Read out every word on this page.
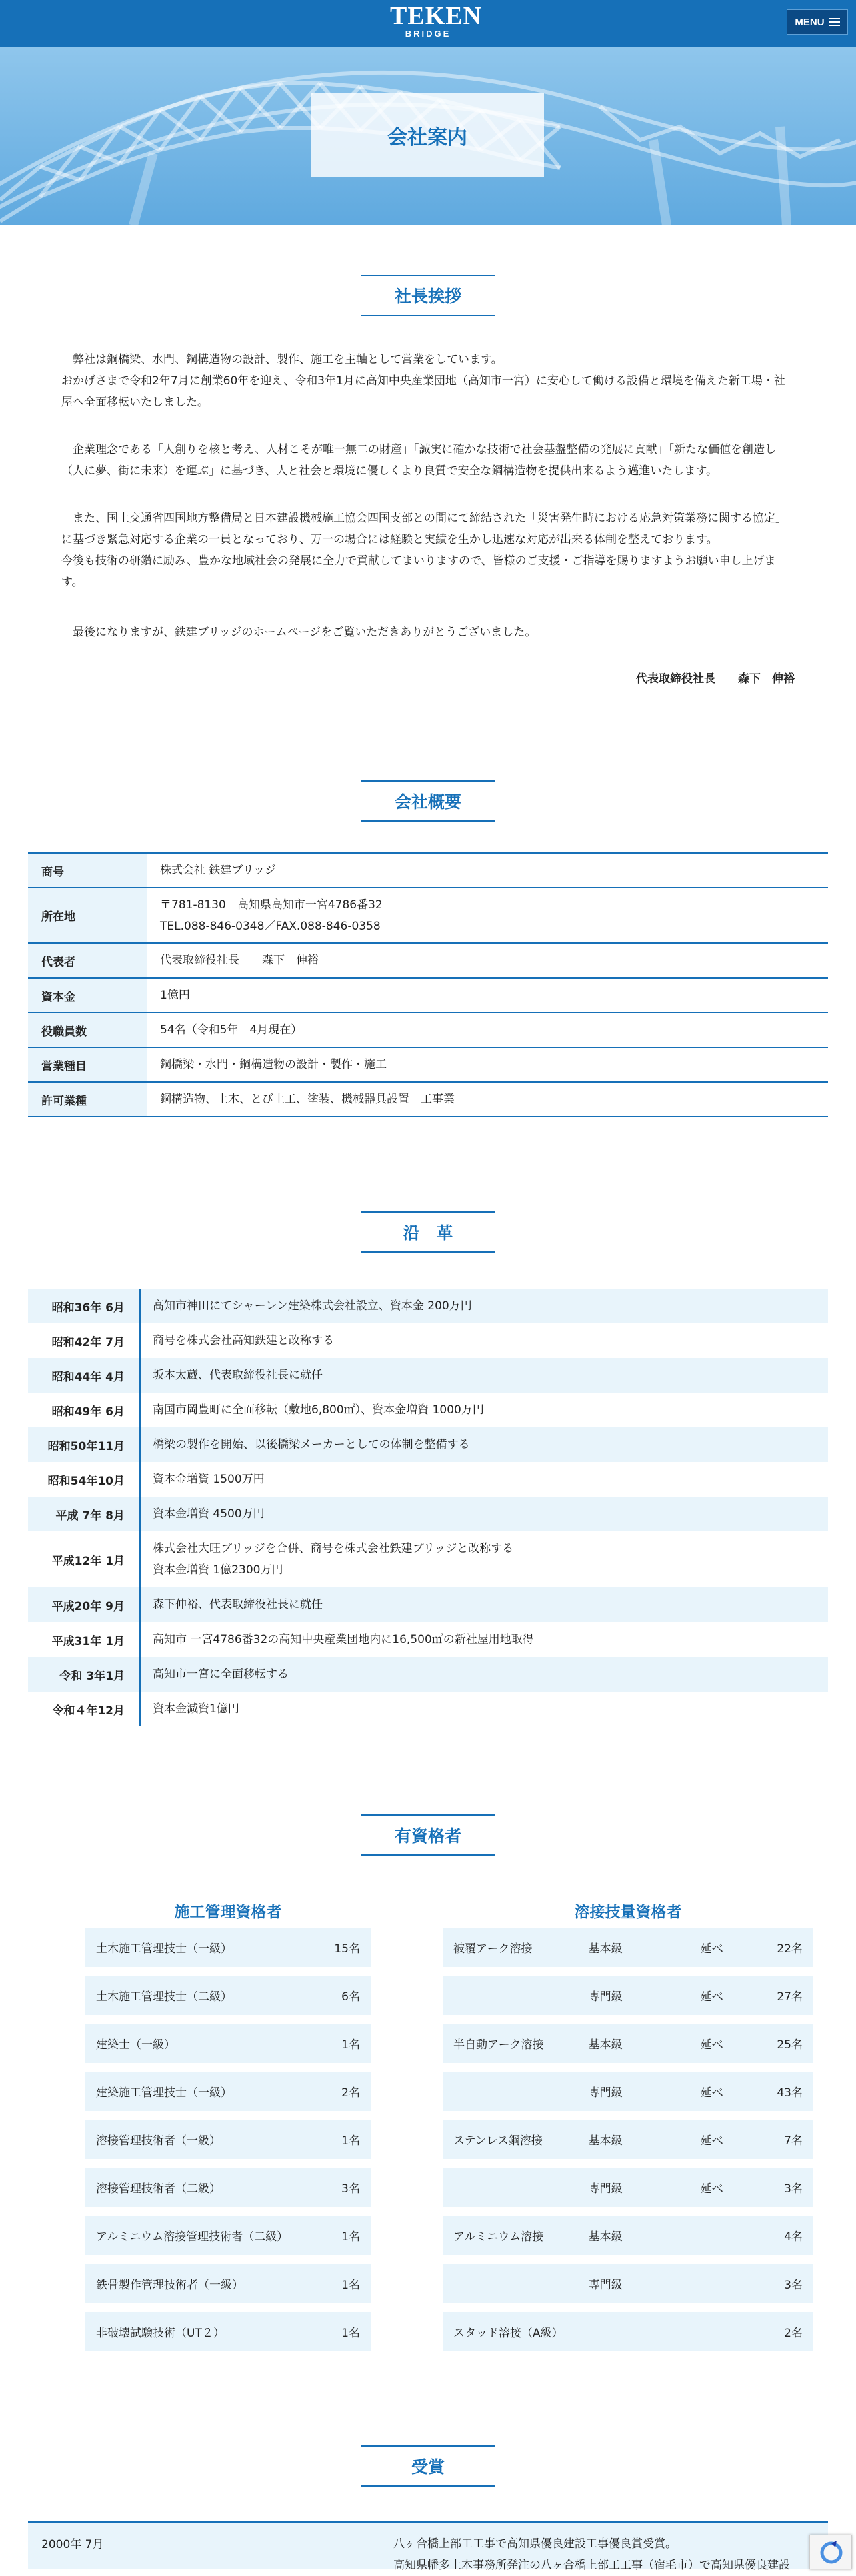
TEKEN
BRIDGE
MENU
会社案内
社長挨拶
　弊社は鋼橋梁、水門、鋼構造物の設計、製作、施工を主軸として営業をしています。
おかげさまで令和2年7月に創業60年を迎え、令和3年1月に高知中央産業団地（高知市一宮）に安心して働ける設備と環境を備えた新工場・社屋へ全面移転いたしました。
　企業理念である「人創りを核と考え、人材こそが唯一無二の財産」「誠実に確かな技術で社会基盤整備の発展に貢献」「新たな価値を創造し（人に夢、街に未来）を運ぶ」に基づき、人と社会と環境に優しくより良質で安全な鋼構造物を提供出来るよう邁進いたします。
　また、国土交通省四国地方整備局と日本建設機械施工協会四国支部との間にて締結された「災害発生時における応急対策業務に関する協定」に基づき緊急対応する企業の一員となっており、万一の場合には経験と実績を生かし迅速な対応が出来る体制を整えております。
今後も技術の研鑽に励み、豊かな地域社会の発展に全力で貢献してまいりますので、皆様のご支援・ご指導を賜りますようお願い申し上げます。
　最後になりますが、鉄建ブリッジのホームページをご覧いただきありがとうございました。
代表取締役社長　　森下　伸裕
会社概要
商号	株式会社 鉄建ブリッジ
所在地	〒781-8130　高知県高知市一宮4786番32
TEL.088-846-0348／FAX.088-846-0358
代表者	代表取締役社長　　森下　伸裕
資本金	1億円
役職員数	54名（令和5年　4月現在）
営業種目	鋼橋梁・水門・鋼構造物の設計・製作・施工
許可業種	鋼構造物、土木、とび土工、塗装、機械器具設置　工事業
沿　革
昭和36年 6月	高知市神田にてシャーレン建築株式会社設立、資本金 200万円
昭和42年 7月	商号を株式会社高知鉄建と改称する
昭和44年 4月	坂本太蔵、代表取締役社長に就任
昭和49年 6月	南国市岡豊町に全面移転（敷地6,800㎡）、資本金増資 1000万円
昭和50年11月	橋梁の製作を開始、以後橋梁メーカーとしての体制を整備する
昭和54年10月	資本金増資 1500万円
平成 7年 8月	資本金増資 4500万円
平成12年 1月	株式会社大旺ブリッジを合併、商号を株式会社鉄建ブリッジと改称する
資本金増資 1億2300万円
平成20年 9月	森下伸裕、代表取締役社長に就任
平成31年 1月	高知市 一宮4786番32の高知中央産業団地内に16,500㎡の新社屋用地取得
令和 3年1月	高知市一宮に全面移転する
令和４年12月	資本金減資1億円
有資格者
施工管理資格者	溶接技量資格者
土木施工管理技士（一級）	15名
土木施工管理技士（二級）	6名
建築士（一級）	1名
建築施工管理技士（一級）	2名
溶接管理技術者（一級）	1名
溶接管理技術者（二級）	3名
アルミニウム溶接管理技術者（二級）	1名
鉄骨製作管理技術者（一級）	1名
非破壊試験技術（UT２）	1名
被覆アーク溶接	基本級	延べ	22名
専門級	延べ	27名
半自動アーク溶接	基本級	延べ	25名
専門級	延べ	43名
ステンレス鋼溶接	基本級	延べ	7名
専門級	延べ	3名
アルミニウム溶接	基本級	4名
専門級	3名
スタッド溶接（A級）	2名
受賞
2000年 7月	八ヶ合橋上部工工事で高知県優良建設工事優良賞受賞。
高知県幡多土木事務所発注の八ヶ合橋上部工工事（宿毛市）で高知県優良建設
